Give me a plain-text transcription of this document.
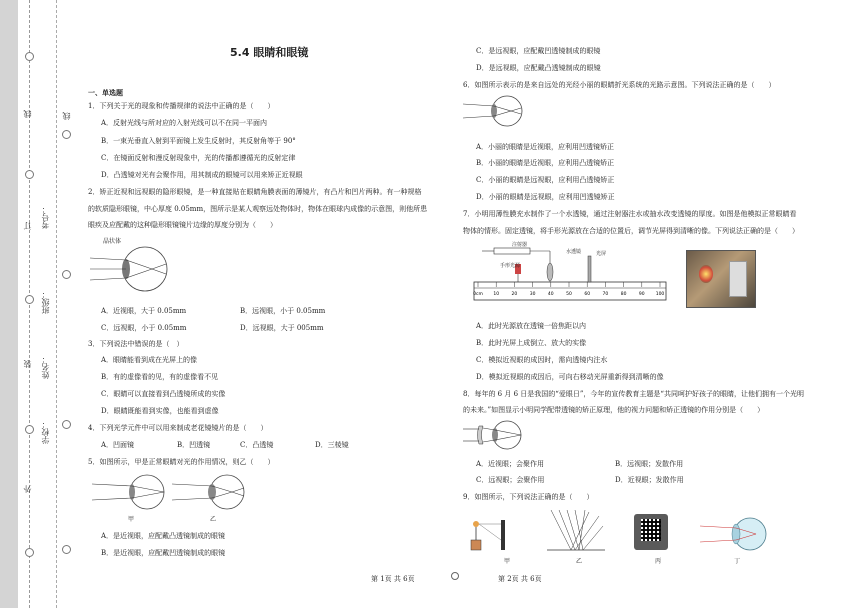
线
订
装
外
考号：
班级：
姓名：
学校：
线
5.4 眼睛和眼镜
一、单选题
1．下列关于光的现象和传播规律的说法中正确的是（　　）
A．反射光线与所对应的入射光线可以不在同一平面内
B．一束光垂直入射到平面镜上发生反射时，其反射角等于 90°
C．在镜面反射和漫反射现象中，光的传播都遵循光的反射定律
D．凸透镜对光有会聚作用，用其制成的眼镜可以用来矫正近视眼
2．矫正近视和远视眼的隐形眼镜，是一种直接贴在眼睛角膜表面的薄镜片，有凸片和凹片两种。有一种规格
的软质隐形眼镜，中心厚度 0.05mm，图所示是某人观察远处物体时，物体在眼球内成像的示意图，则他所患
眼疾及应配戴的这种隐形眼镜镜片边缘的厚度分别为（　　）
晶状体
A．近视眼，大于 0.05mm	B．远视眼，小于 0.05mm
C．远视眼，小于 0.05mm	D．远视眼，大于 005mm
3．下列说法中错误的是（　）
A．眼睛能看到成在光屏上的像
B．有的虚像看的见，有的虚像看不见
C．眼睛可以直接看到凸透镜所成的实像
D．眼睛既能看到实像，也能看到虚像
4．下列光学元件中可以用来制成老花镜镜片的是（　　）
A．凹面镜	B．凹透镜	C．凸透镜	D．三棱镜
5．如图所示，甲是正常眼睛对光的作用情况，则乙（　　）
甲	乙
A．是近视眼，应配戴凸透镜制成的眼镜
B．是近视眼，应配戴凹透镜制成的眼镜
C．是远视眼，应配戴凹透镜制成的眼镜
D．是远视眼，应配戴凸透镜制成的眼镜
6．如图所示表示的是来自远处的光经小丽的眼睛折光系统的光路示意图。下列说法正确的是（　　）
A．小丽的眼睛是近视眼，应利用凹透镜矫正
B．小丽的眼睛是近视眼，应利用凸透镜矫正
C．小丽的眼睛是远视眼，应利用凸透镜矫正
D．小丽的眼睛是远视眼，应利用凹透镜矫正
7．小明用薄性膜充水制作了一个水透镜，通过注射器注水或抽水改变透镜的厚度。如图是他模拟正常眼睛看
物体的情形。固定透镜，将手形光源放在合适的位置后，调节光屏得到清晰的像。下列说法正确的是（　　）
0cm 10	20	30	40	50	60	70	80	90 100
注射器
水透镜	光屏
手形光源
A．此时光源放在透镜一倍焦距以内
B．此时光屏上成倒立、放大的实像
C．模拟近视眼的成因时，需向透镜内注水
D．模拟近视眼的成因后，可向右移动光屏重新得到清晰的像
8．每年的 6 月 6 日是我国的“爱眼日”，今年的宣传教育主题是“共同呵护好孩子的眼睛，让他们拥有一个光明
的未来。”如图显示小明同学配带透镜的矫正原理，他的视力问题和矫正透镜的作用分别是（　　）
A．近视眼；会聚作用	B．远视眼；发散作用
C．远视眼；会聚作用	D．近视眼；发散作用
9．如图所示，下列说法正确的是（　　）
甲	乙	丙	丁
第 1页 共 6页	第 2页 共 6页
